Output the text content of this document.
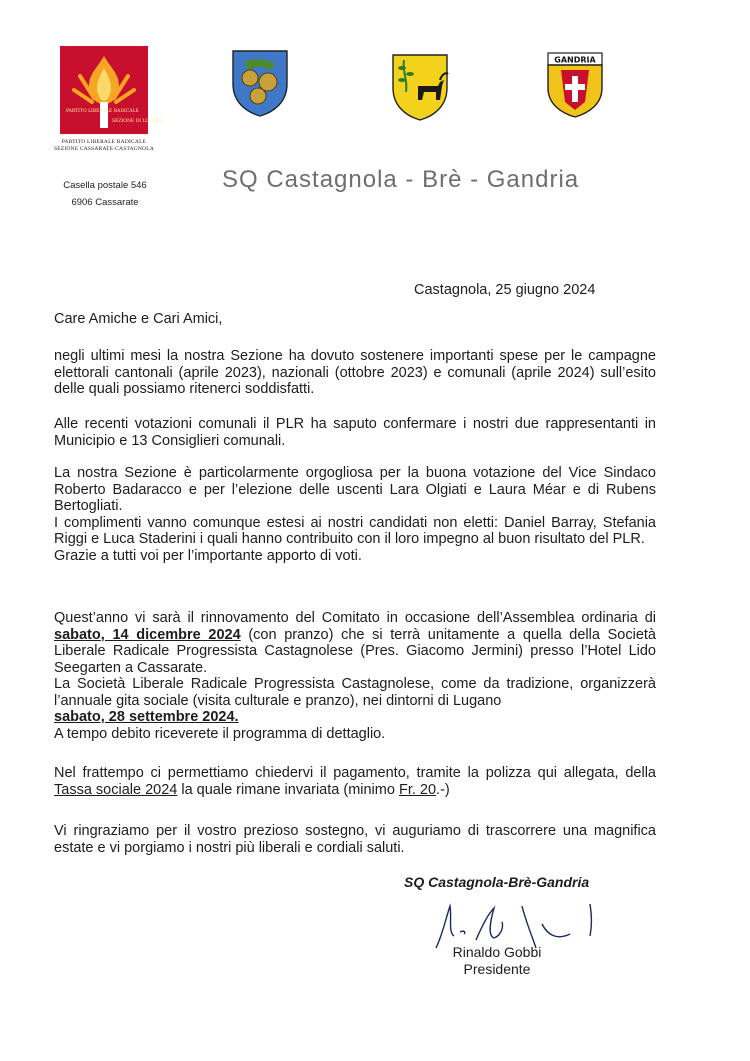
PARTITO LIBERALE RADICALE
SEZIONE DI LUGANO
PARTITO LIBERALE RADICALE SEZIONE CASSARATE-CASTAGNOLA
GANDRIA
Casella postale 546
6906 Cassarate
SQ Castagnola - Brè - Gandria
Castagnola, 25 giugno 2024
Care Amiche e Cari Amici,

negli ultimi mesi la nostra Sezione ha dovuto sostenere importanti spese per le campagne elettorali cantonali (aprile 2023), nazionali (ottobre 2023) e comunali (aprile 2024) sull’esito delle quali possiamo ritenerci soddisfatti.

Alle recenti votazioni comunali il PLR ha saputo confermare i nostri due rappresentanti in Municipio e 13 Consiglieri comunali.

La nostra Sezione è particolarmente orgogliosa per la buona votazione del Vice Sindaco Roberto Badaracco e per l’elezione delle uscenti Lara Olgiati e Laura Méar e di Rubens Bertogliati.

I complimenti vanno comunque estesi ai nostri candidati non eletti: Daniel Barray, Stefania Riggi e Luca Staderini i quali hanno contribuito con il loro impegno al buon risultato del PLR.

Grazie a tutti voi per l’importante apporto di voti.

Quest’anno vi sarà il rinnovamento del Comitato in occasione dell’Assemblea ordinaria di sabato, 14 dicembre 2024 (con pranzo) che si terrà unitamente a quella della Società Liberale Radicale Progressista Castagnolese (Pres. Giacomo Jermini) presso l’Hotel Lido Seegarten a Cassarate.

La Società Liberale Radicale Progressista Castagnolese, come da tradizione, organizzerà l’annuale gita sociale (visita culturale e pranzo), nei dintorni di Lugano
sabato, 28 settembre 2024.

A tempo debito riceverete il programma di dettaglio.

Nel frattempo ci permettiamo chiedervi il pagamento, tramite la polizza qui allegata, della Tassa sociale 2024 la quale rimane invariata (minimo Fr. 20.-)

Vi ringraziamo per il vostro prezioso sostegno, vi auguriamo di trascorrere una magnifica estate e vi porgiamo i nostri più liberali e cordiali saluti.

SQ Castagnola-Brè-Gandria
Rinaldo Gobbi
Presidente
